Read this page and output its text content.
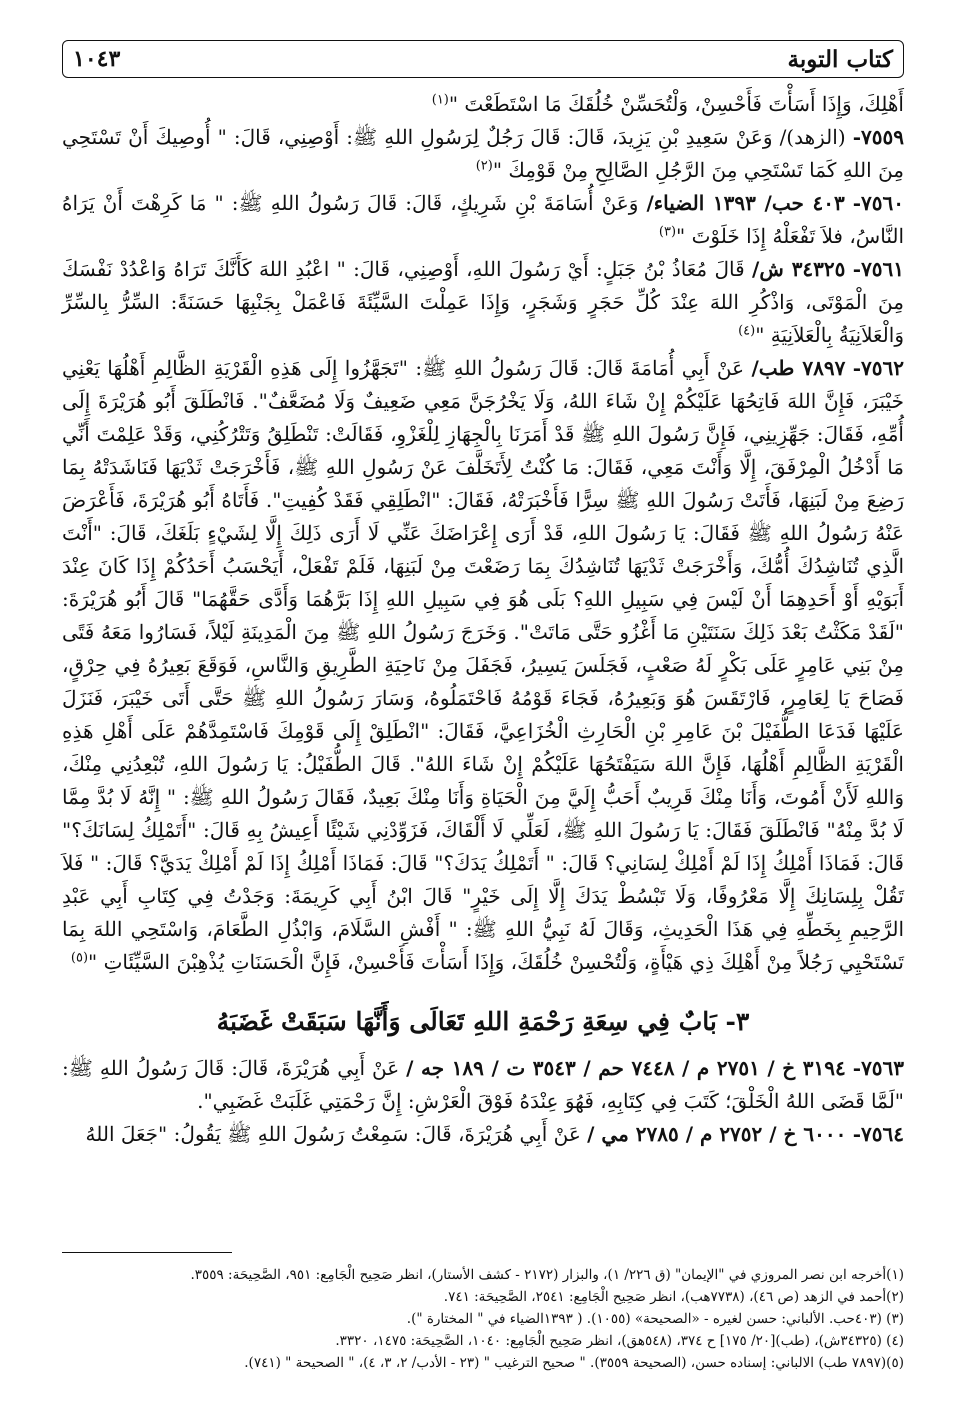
كتاب التوبة
١٠٤٣

أَهْلِكَ، وَإِذَا أَسَأْتَ فَأَحْسِنْ، وَلْتُحَسِّنْ خُلُقَكَ مَا اسْتَطَعْتَ "$^{(١)}$

٧٥٥٩- (الزهد)/ وَعَنْ سَعِيدِ بْنِ يَزِيدَ، قَالَ: قَالَ رَجُلٌ لِرَسُولِ اللهِ ﷺ: أَوْصِنِي، قَالَ: " أُوصِيكَ أَنْ تَسْتَحِي مِنَ اللهِ كَمَا تَسْتَحِي مِنَ الرَّجُلِ الصَّالِحِ مِنْ قَوْمِكَ "$^{(٢)}$

٧٥٦٠- ٤٠٣ حب/ ١٣٩٣ الضياء/ وَعَنْ أُسَامَةَ بْنِ شَرِيكٍ، قَالَ: قَالَ رَسُولُ اللهِ ﷺ: " مَا كَرِهْتَ أَنْ يَرَاهُ النَّاسُ، فلاَ تَفْعَلْهُ إِذَا خَلَوْتَ "$^{(٣)}$

٧٥٦١- ٣٤٣٢٥ ش/ قَالَ مُعَاذُ بْنُ جَبَلٍ: أَيْ رَسُولَ اللهِ، أَوْصِنِي، قَالَ: " اعْبُدِ اللهَ كَأَنَّكَ تَرَاهُ وَاعْدُدْ نَفْسَكَ مِنَ الْمَوْتَى، وَاذْكُرِ اللهَ عِنْدَ كُلِّ حَجَرٍ وَشَجَرٍ، وَإِذَا عَمِلْتَ السَّيِّئَةَ فَاعْمَلْ بِجَنْبِهَا حَسَنَةً: السِّرُّ بِالسِّرِّ وَالْعَلاَنِيَةُ بِالْعَلاَنِيَةِ "$^{(٤)}$

٧٥٦٢- ٧٨٩٧ طب/ عَنْ أَبِي أُمَامَةَ قَالَ: قَالَ رَسُولُ اللهِ ﷺ: "تَجَهَّزُوا إِلَى هَذِهِ الْقَرْيَةِ الظَّالِمِ أَهْلُهَا يَعْنِي خَيْبَرَ، فَإِنَّ اللهَ فَاتِحُهَا عَلَيْكُمْ إِنْ شَاءَ اللهُ، وَلَا يَخْرُجَنَّ مَعِي ضَعِيفٌ وَلَا مُضَعَّفٌ". فَانْطَلَقَ أَبُو هُرَيْرَةَ إِلَى أُمِّهِ، فَقَالَ: جَهِّزِينِي، فَإِنَّ رَسُولَ اللهِ ﷺ قَدْ أَمَرَنَا بِالْجِهَازِ لِلْغَزْوِ، فَقَالَتْ: تَنْطَلِقُ وَتَتْرُكُنِي، وَقَدْ عَلِمْتَ أَنِّي مَا أَدْخُلُ الْمِرْفَقَ، إِلَّا وَأَنْتَ مَعِي، فَقَالَ: مَا كُنْتُ لِأَتَخَلَّفَ عَنْ رَسُولِ اللهِ ﷺ، فَأَخْرَجَتْ ثَدْيَهَا فَنَاشَدَتْهُ بِمَا رَضِعَ مِنْ لَبَنِهَا، فَأَتَتْ رَسُولَ اللهِ ﷺ سِرًّا فَأَخْبَرَتْهُ، فَقَالَ: "انْطَلِقِي فَقَدْ كُفِيتِ". فَأَتَاهُ أَبُو هُرَيْرَةَ، فَأَعْرَضَ عَنْهُ رَسُولُ اللهِ ﷺ فَقَالَ: يَا رَسُولَ اللهِ، قَدْ أَرَى إِعْرَاضَكَ عَنِّي لَا أَرَى ذَلِكَ إِلَّا لِشَيْءٍ بَلَغَكَ، قَالَ: "أَنْتَ الَّذِي تُنَاشِدُكَ أُمُّكَ، وَأَخْرَجَتْ ثَدْيَهَا تُنَاشِدُكَ بِمَا رَضَعْتَ مِنْ لَبَنِهَا، فَلَمْ تَفْعَلْ، أَيَحْسَبُ أَحَدُكُمْ إِذَا كَانَ عِنْدَ أَبَوَيْهِ أَوْ أَحَدِهِمَا أَنْ لَيْسَ فِي سَبِيلِ اللهِ؟ بَلَى هُوَ فِي سَبِيلِ اللهِ إِذَا بَرَّهُمَا وَأَدَّى حَقَّهُمَا" قَالَ أَبُو هُرَيْرَةَ: "لَقَدْ مَكَثْتُ بَعْدَ ذَلِكَ سَنَتَيْنِ مَا أَغْزُو حَتَّى مَاتَتْ". وَخَرَجَ رَسُولُ اللهِ ﷺ مِنَ الْمَدِينَةِ لَيْلاً، فَسَارُوا مَعَهُ فَتًى مِنْ بَنِي عَامِرٍ عَلَى بَكْرٍ لَهُ صَعْبٍ، فَجَلَسَ يَسِيرُ، فَجَفَلَ مِنْ نَاحِيَةِ الطَّرِيقِ وَالنَّاسِ، فَوَقَعَ بَعِيرُهُ فِي حِرْقٍ، فَصَاحَ يَا لِعَامِرٍ، فَارْتَقَسَ هُوَ وَبَعِيرُهُ، فَجَاءَ قَوْمُهُ فَاحْتَمَلُوهُ، وَسَارَ رَسُولُ اللهِ ﷺ حَتَّى أَتَى خَيْبَرَ، فَنَزَلَ عَلَيْهَا فَدَعَا الطُّفَيْلَ بْنَ عَامِرِ بْنِ الْحَارِثِ الْخُزَاعِيَّ، فَقَالَ: "انْطَلِقْ إِلَى قَوْمِكَ فَاسْتَمِدَّهُمْ عَلَى أَهْلِ هَذِهِ الْقَرْيَةِ الظَّالِمِ أَهْلُهَا، فَإِنَّ اللهَ سَيَفْتَحُهَا عَلَيْكُمْ إِنْ شَاءَ اللهُ". قَالَ الطُّفَيْلُ: يَا رَسُولَ اللهِ، تُبْعِدُنِي مِنْكَ، وَاللهِ لَأَنْ أَمُوتَ، وَأَنَا مِنْكَ قَرِيبٌ أَحَبُّ إِلَيَّ مِنَ الْحَيَاةِ وَأَنَا مِنْكَ بَعِيدٌ، فَقَالَ رَسُولُ اللهِ ﷺ: " إِنَّهُ لَا بُدَّ مِمَّا لَا بُدَّ مِنْهُ" فَانْطَلَقَ فَقَالَ: يَا رَسُولَ اللهِ ﷺ، لَعَلِّي لَا أَلْقَاكَ، فَزَوِّدْنِي شَيْئًا أَعِيشُ بِهِ قَالَ: "أَتَمْلِكُ لِسَانَكَ؟" قَالَ: فَمَاذَا أَمْلِكُ إِذَا لَمْ أَمْلِكْ لِسَانِي؟ قَالَ: " أَتَمْلِكُ يَدَكَ؟" قَالَ: فَمَاذَا أَمْلِكُ إِذَا لَمْ أَمْلِكْ يَدَيَّ؟ قَالَ: " فَلاَ تَقُلْ بِلِسَانِكَ إِلَّا مَعْرُوفًا، وَلَا تَبْسُطْ يَدَكَ إِلَّا إِلَى خَيْرٍ" قَالَ ابْنُ أَبِي كَرِيمَةَ: وَجَدْتُ فِي كِتَابِ أَبِي عَبْدِ الرَّحِيمِ بِخَطِّهِ فِي هَذَا الْحَدِيثِ، وَقَالَ لَهُ نَبِيُّ اللهِ ﷺ: " أَفْشِ السَّلَامَ، وَابْذُلِ الطَّعَامَ، وَاسْتَحِي اللهَ بِمَا تَسْتَحْيِي رَجُلاً مِنْ أَهْلِكَ ذِي هَيْأَةٍ، وَلْتُحْسِنْ خُلُقَكَ، وَإِذَا أَسَأْتَ فَأَحْسِنْ، فَإِنَّ الْحَسَنَاتِ يُذْهِبْنَ السَّيِّئَاتِ "$^{(٥)}$

٣- بَابٌ فِي سِعَةِ رَحْمَةِ اللهِ تَعَالَى وَأَنَّهَا سَبَقَتْ غَضَبَهُ

٧٥٦٣- ٣١٩٤ خ / ٢٧٥١ م / ٧٤٤٨ حم / ٣٥٤٣ ت / ١٨٩ جه / عَنْ أَبِي هُرَيْرَةَ، قَالَ: قَالَ رَسُولُ اللهِ ﷺ: "لَمَّا قَضَى اللهُ الْخَلْقَ؛ كَتَبَ فِي كِتَابِهِ، فَهُوَ عِنْدَهُ فَوْقَ الْعَرْشِ: إِنَّ رَحْمَتِي غَلَبَتْ غَضَبِي".

٧٥٦٤- ٦٠٠٠ خ / ٢٧٥٢ م / ٢٧٨٥ مي / عَنْ أَبِي هُرَيْرَةَ، قَالَ: سَمِعْتُ رَسُولَ اللهِ ﷺ يَقُولُ: "جَعَلَ اللهُ

(١)أخرجه ابن نصر المروزي في "الإيمان" (ق ٢٢٦/ ١)، والبزار (٢١٧٢ - كشف الأستار)، انظر صَحِيح الْجَامِع: ٩٥١، الصَّحِيحَة: ٣٥٥٩.

(٢)أحمد في الزهد (ص ٤٦)، (٧٧٣٨هب)، انظر صَحِيح الْجَامِع: ٢٥٤١، الصَّحِيحَة: ٧٤١.

(٣) (٤٠٣حب. الألباني: حسن لغيره - «الصحيحة» (١٠٥٥). ( ١٣٩٣الضياء في " المختارة ").

(٤) (٣٤٣٢٥ش)، (طب)[٢٠/ ١٧٥] ح ٣٧٤، (٥٤٨هق)، انظر صَحِيح الْجَامِع: ١٠٤٠، الصَّحِيحَة: ١٤٧٥، ٣٣٢٠.

(٥)(٧٨٩٧ طب) الالباني: إسناده حسن، (الصحيحة ٣٥٥٩). " صحيح الترغيب " (٢٣ - الأدب/ ٢، ٣، ٤)، " الصحيحة " (٧٤١).
